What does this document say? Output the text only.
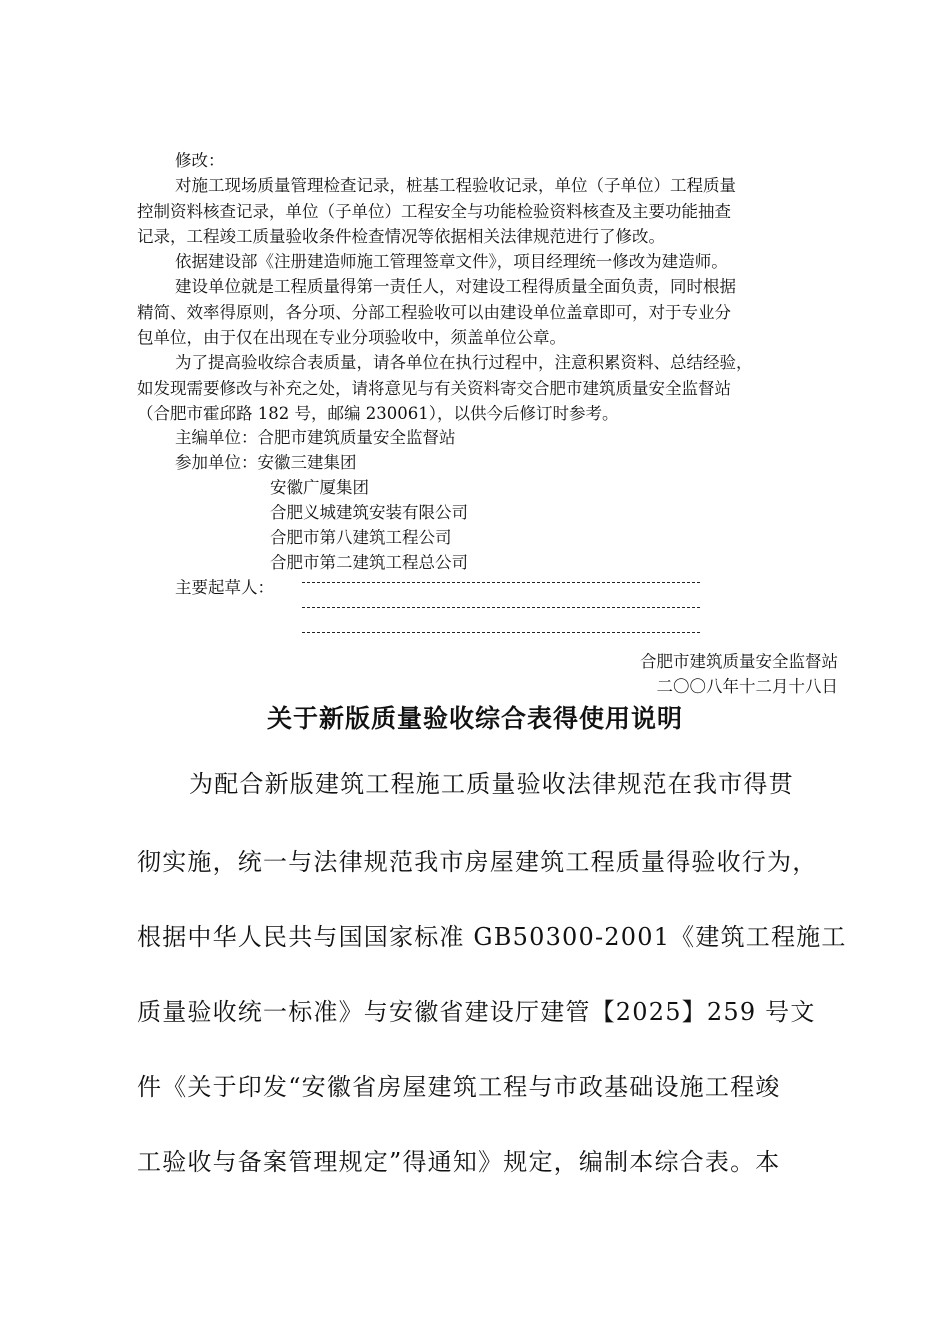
修改：
对施工现场质量管理检查记录，桩基工程验收记录，单位（子单位）工程质量
控制资料核查记录，单位（子单位）工程安全与功能检验资料核查及主要功能抽查
记录，工程竣工质量验收条件检查情况等依据相关法律规范进行了修改。
依据建设部《注册建造师施工管理签章文件》，项目经理统一修改为建造师。
建设单位就是工程质量得第一责任人，对建设工程得质量全面负责，同时根据
精简、效率得原则，各分项、分部工程验收可以由建设单位盖章即可，对于专业分
包单位，由于仅在出现在专业分项验收中，须盖单位公章。
为了提高验收综合表质量，请各单位在执行过程中，注意积累资料、总结经验，
如发现需要修改与补充之处，请将意见与有关资料寄交合肥市建筑质量安全监督站
（合肥市霍邱路 182 号，邮编 230061），以供今后修订时参考。
主编单位：合肥市建筑质量安全监督站
参加单位：安徽三建集团
安徽广厦集团
合肥义城建筑安装有限公司
合肥市第八建筑工程公司
合肥市第二建筑工程总公司
主要起草人：
合肥市建筑质量安全监督站
二〇〇八年十二月十八日
关于新版质量验收综合表得使用说明
为配合新版建筑工程施工质量验收法律规范在我市得贯
彻实施，统一与法律规范我市房屋建筑工程质量得验收行为，
根据中华人民共与国国家标准 GB50300-2001《建筑工程施工
质量验收统一标准》与安徽省建设厅建管【2025】259 号文
件《关于印发“安徽省房屋建筑工程与市政基础设施工程竣
工验收与备案管理规定”得通知》规定，编制本综合表。本
